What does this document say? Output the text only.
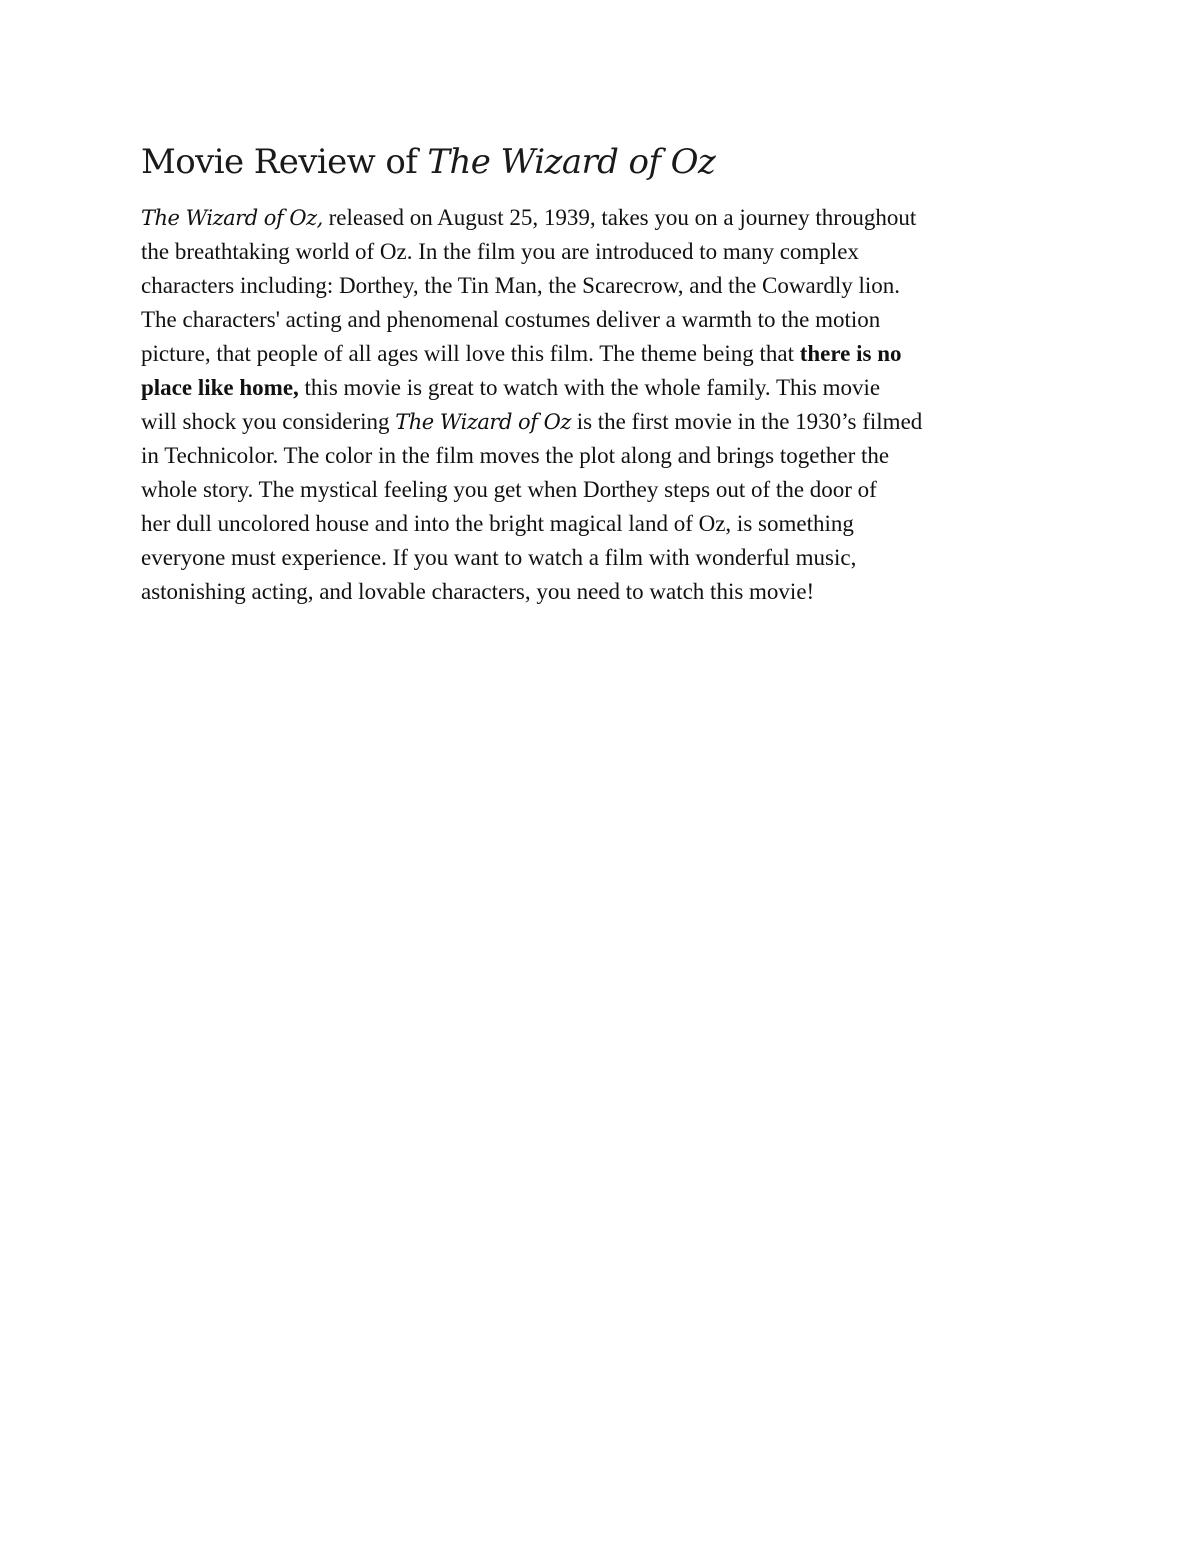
Movie Review of The Wizard of Oz
The Wizard of Oz, released on August 25, 1939, takes you on a journey throughout
the breathtaking world of Oz. In the film you are introduced to many complex
characters including: Dorthey, the Tin Man, the Scarecrow, and the Cowardly lion.
The characters' acting and phenomenal costumes deliver a warmth to the motion
picture, that people of all ages will love this film. The theme being that there is no
place like home, this movie is great to watch with the whole family. This movie
will shock you considering The Wizard of Oz is the first movie in the 1930’s filmed
in Technicolor. The color in the film moves the plot along and brings together the
whole story. The mystical feeling you get when Dorthey steps out of the door of
her dull uncolored house and into the bright magical land of Oz, is something
everyone must experience. If you want to watch a film with wonderful music,
astonishing acting, and lovable characters, you need to watch this movie!
